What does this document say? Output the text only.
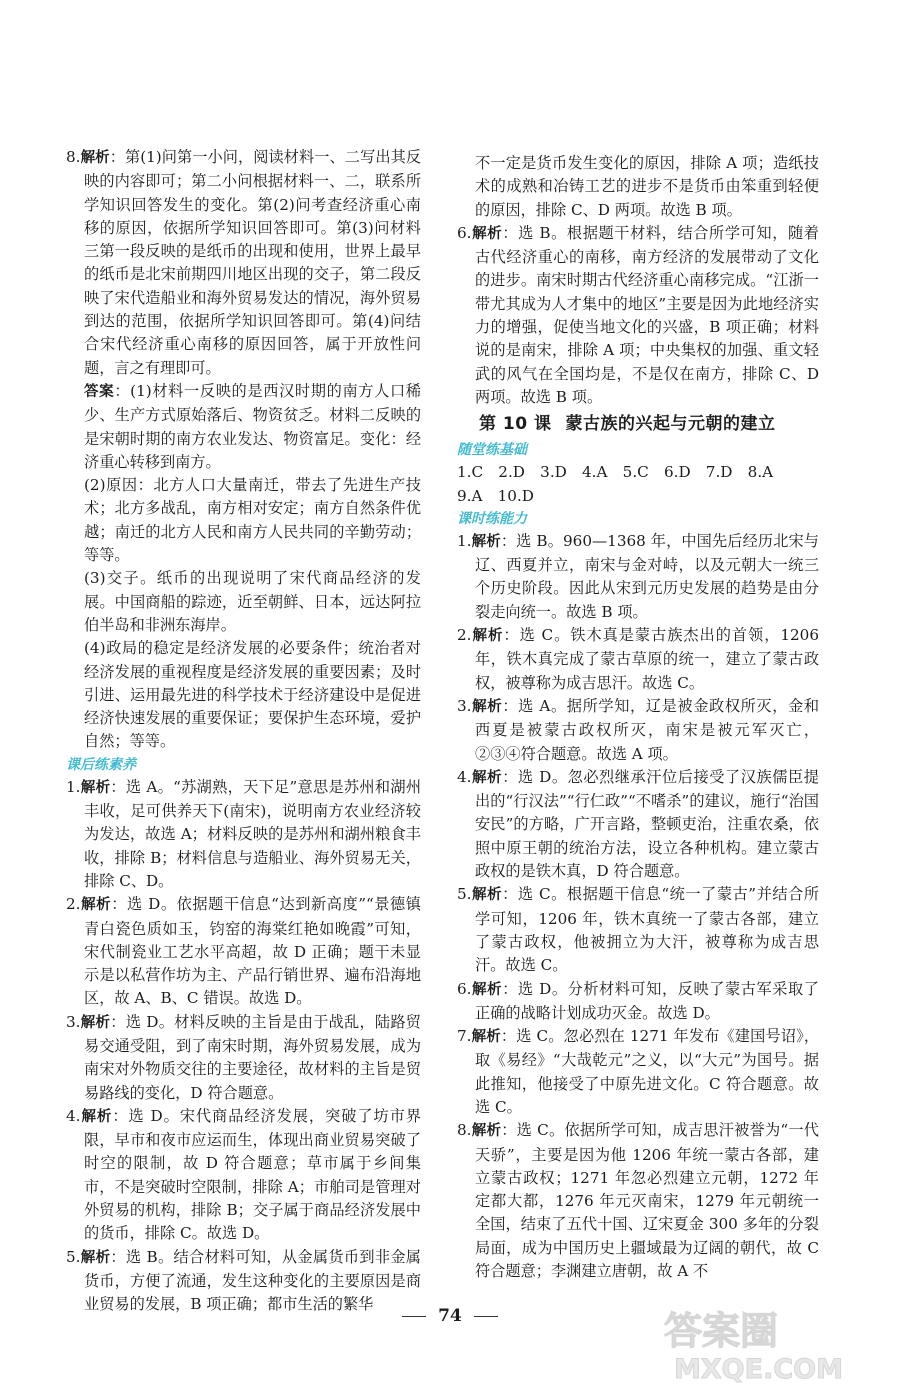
8.解析：第(1)问第一小问，阅读材料一、二写出其反映的内容即可；第二小问根据材料一、二，联系所学知识回答发生的变化。第(2)问考查经济重心南移的原因，依据所学知识回答即可。第(3)问材料三第一段反映的是纸币的出现和使用，世界上最早的纸币是北宋前期四川地区出现的交子，第二段反映了宋代造船业和海外贸易发达的情况，海外贸易到达的范围，依据所学知识回答即可。第(4)问结合宋代经济重心南移的原因回答，属于开放性问题，言之有理即可。

答案：(1)材料一反映的是西汉时期的南方人口稀少、生产方式原始落后、物资贫乏。材料二反映的是宋朝时期的南方农业发达、物资富足。变化：经济重心转移到南方。

(2)原因：北方人口大量南迁，带去了先进生产技术；北方多战乱，南方相对安定；南方自然条件优越；南迁的北方人民和南方人民共同的辛勤劳动；等等。

(3)交子。纸币的出现说明了宋代商品经济的发展。中国商船的踪迹，近至朝鲜、日本，远达阿拉伯半岛和非洲东海岸。

(4)政局的稳定是经济发展的必要条件；统治者对经济发展的重视程度是经济发展的重要因素；及时引进、运用最先进的科学技术于经济建设中是促进经济快速发展的重要保证；要保护生态环境，爱护自然；等等。

课后练素养

1.解析：选 A。“苏湖熟，天下足”意思是苏州和湖州丰收，足可供养天下(南宋)，说明南方农业经济较为发达，故选 A；材料反映的是苏州和湖州粮食丰收，排除 B；材料信息与造船业、海外贸易无关，排除 C、D。

2.解析：选 D。依据题干信息“达到新高度”“景德镇青白瓷色质如玉，钧窑的海棠红艳如晚霞”可知，宋代制瓷业工艺水平高超，故 D 正确；题干未显示是以私营作坊为主、产品行销世界、遍布沿海地区，故 A、B、C 错误。故选 D。

3.解析：选 D。材料反映的主旨是由于战乱，陆路贸易交通受阻，到了南宋时期，海外贸易发展，成为南宋对外物质交往的主要途径，故材料的主旨是贸易路线的变化，D 符合题意。

4.解析：选 D。宋代商品经济发展，突破了坊市界限，早市和夜市应运而生，体现出商业贸易突破了时空的限制，故 D 符合题意；草市属于乡间集市，不是突破时空限制，排除 A；市舶司是管理对外贸易的机构，排除 B；交子属于商品经济发展中的货币，排除 C。故选 D。

5.解析：选 B。结合材料可知，从金属货币到非金属货币，方便了流通，发生这种变化的主要原因是商业贸易的发展，B 项正确；都市生活的繁华

不一定是货币发生变化的原因，排除 A 项；造纸技术的成熟和冶铸工艺的进步不是货币由笨重到轻便的原因，排除 C、D 两项。故选 B 项。

6.解析：选 B。根据题干材料，结合所学可知，随着古代经济重心的南移，南方经济的发展带动了文化的进步。南宋时期古代经济重心南移完成。“江浙一带尤其成为人才集中的地区”主要是因为此地经济实力的增强，促使当地文化的兴盛，B 项正确；材料说的是南宋，排除 A 项；中央集权的加强、重文轻武的风气在全国均是，不是仅在南方，排除 C、D 两项。故选 B 项。

第 10 课 蒙古族的兴起与元朝的建立
随堂练基础

1.C　2.D　3.D　4.A　5.C　6.D　7.D　8.A

9.A　10.D

课时练能力

1.解析：选 B。960—1368 年，中国先后经历北宋与辽、西夏并立，南宋与金对峙，以及元朝大一统三个历史阶段。因此从宋到元历史发展的趋势是由分裂走向统一。故选 B 项。

2.解析：选 C。铁木真是蒙古族杰出的首领，1206 年，铁木真完成了蒙古草原的统一，建立了蒙古政权，被尊称为成吉思汗。故选 C。

3.解析：选 A。据所学知，辽是被金政权所灭，金和西夏是被蒙古政权所灭，南宋是被元军灭亡，②③④符合题意。故选 A 项。

4.解析：选 D。忽必烈继承汗位后接受了汉族儒臣提出的“行汉法”“行仁政”“不嗜杀”的建议，施行“治国安民”的方略，广开言路，整顿吏治，注重农桑，依照中原王朝的统治方法，设立各种机构。建立蒙古政权的是铁木真，D 符合题意。

5.解析：选 C。根据题干信息“统一了蒙古”并结合所学可知，1206 年，铁木真统一了蒙古各部，建立了蒙古政权，他被拥立为大汗，被尊称为成吉思汗。故选 C。

6.解析：选 D。分析材料可知，反映了蒙古军采取了正确的战略计划成功灭金。故选 D。

7.解析：选 C。忽必烈在 1271 年发布《建国号诏》，取《易经》“大哉乾元”之义，以“大元”为国号。据此推知，他接受了中原先进文化。C 符合题意。故选 C。

8.解析：选 C。依据所学可知，成吉思汗被誉为“一代天骄”，主要是因为他 1206 年统一蒙古各部，建立蒙古政权；1271 年忽必烈建立元朝，1272 年定都大都，1276 年元灭南宋，1279 年元朝统一全国，结束了五代十国、辽宋夏金 300 多年的分裂局面，成为中国历史上疆域最为辽阔的朝代，故 C 符合题意；李渊建立唐朝，故 A 不

74	答案圈
MXQE.COM
